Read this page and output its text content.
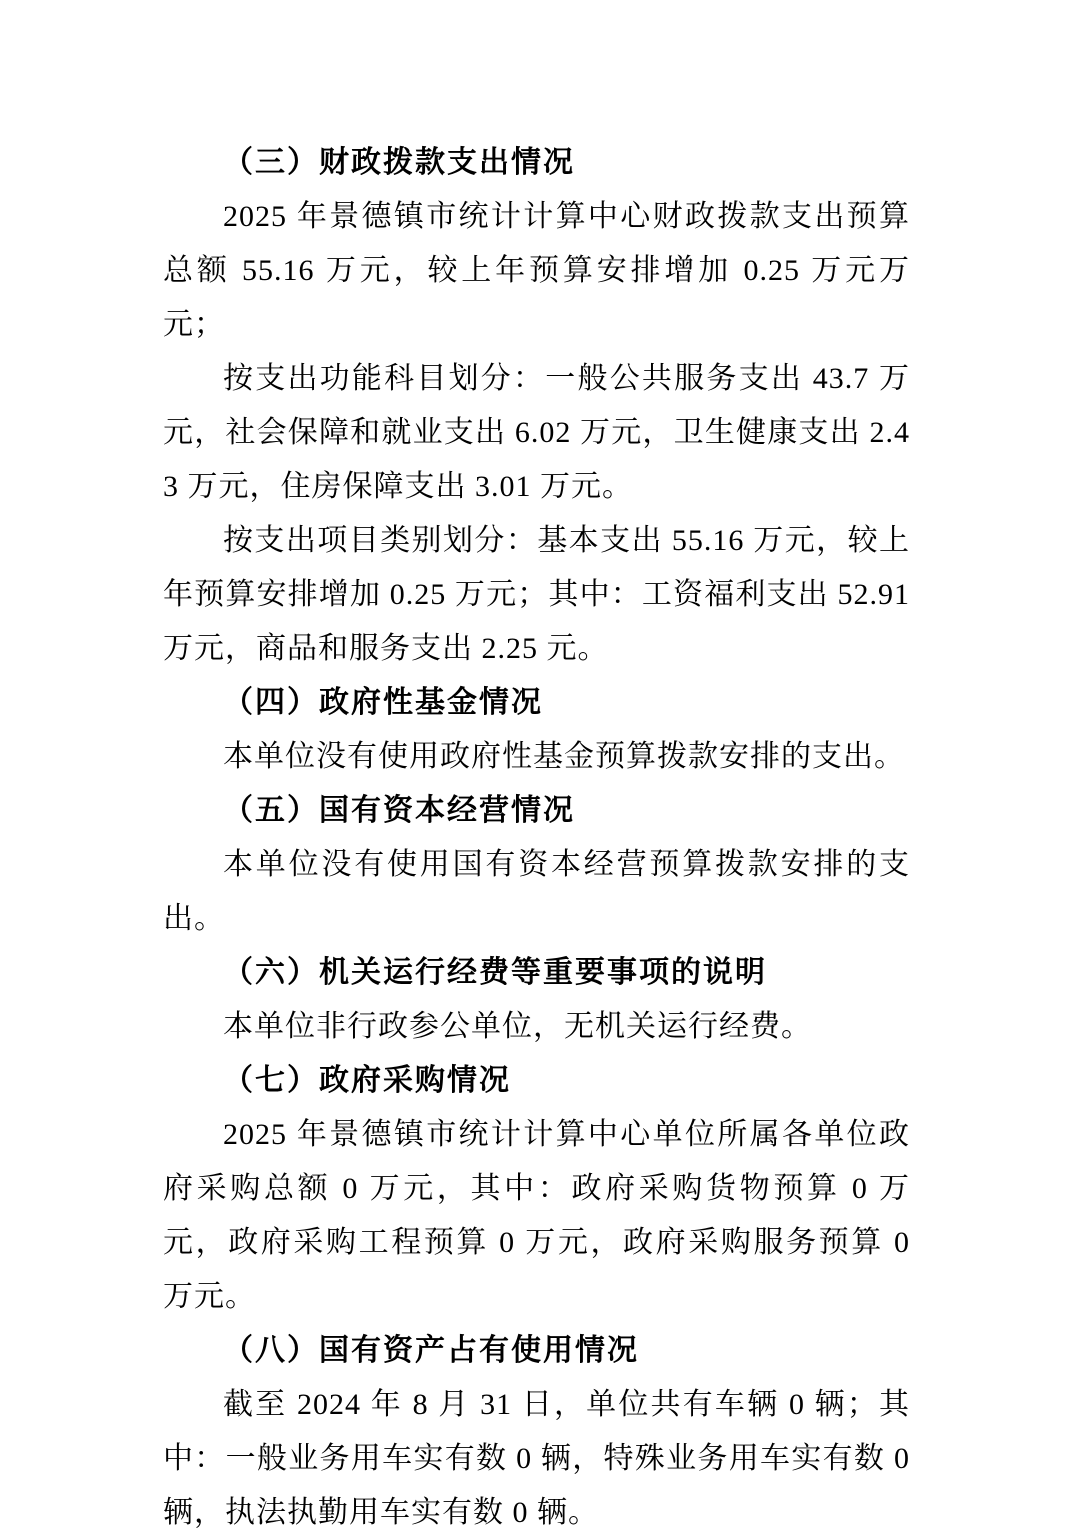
（三）财政拨款支出情况
2025 年景德镇市统计计算中心财政拨款支出预算总额 55.16 万元，较上年预算安排增加 0.25 万元万元；
按支出功能科目划分：一般公共服务支出 43.7 万元，社会保障和就业支出 6.02 万元，卫生健康支出 2.43 万元，住房保障支出 3.01 万元。
按支出项目类别划分：基本支出 55.16 万元，较上年预算安排增加 0.25 万元；其中：工资福利支出 52.91 万元，商品和服务支出 2.25 元。
（四）政府性基金情况
本单位没有使用政府性基金预算拨款安排的支出。
（五）国有资本经营情况
本单位没有使用国有资本经营预算拨款安排的支出。
（六）机关运行经费等重要事项的说明
本单位非行政参公单位，无机关运行经费。
（七）政府采购情况
2025 年景德镇市统计计算中心单位所属各单位政府采购总额 0 万元，其中：政府采购货物预算 0 万元，政府采购工程预算 0 万元，政府采购服务预算 0 万元。
（八）国有资产占有使用情况
截至 2024 年 8 月 31 日，单位共有车辆 0 辆；其中：一般业务用车实有数 0 辆，特殊业务用车实有数 0 辆，执法执勤用车实有数 0 辆。
